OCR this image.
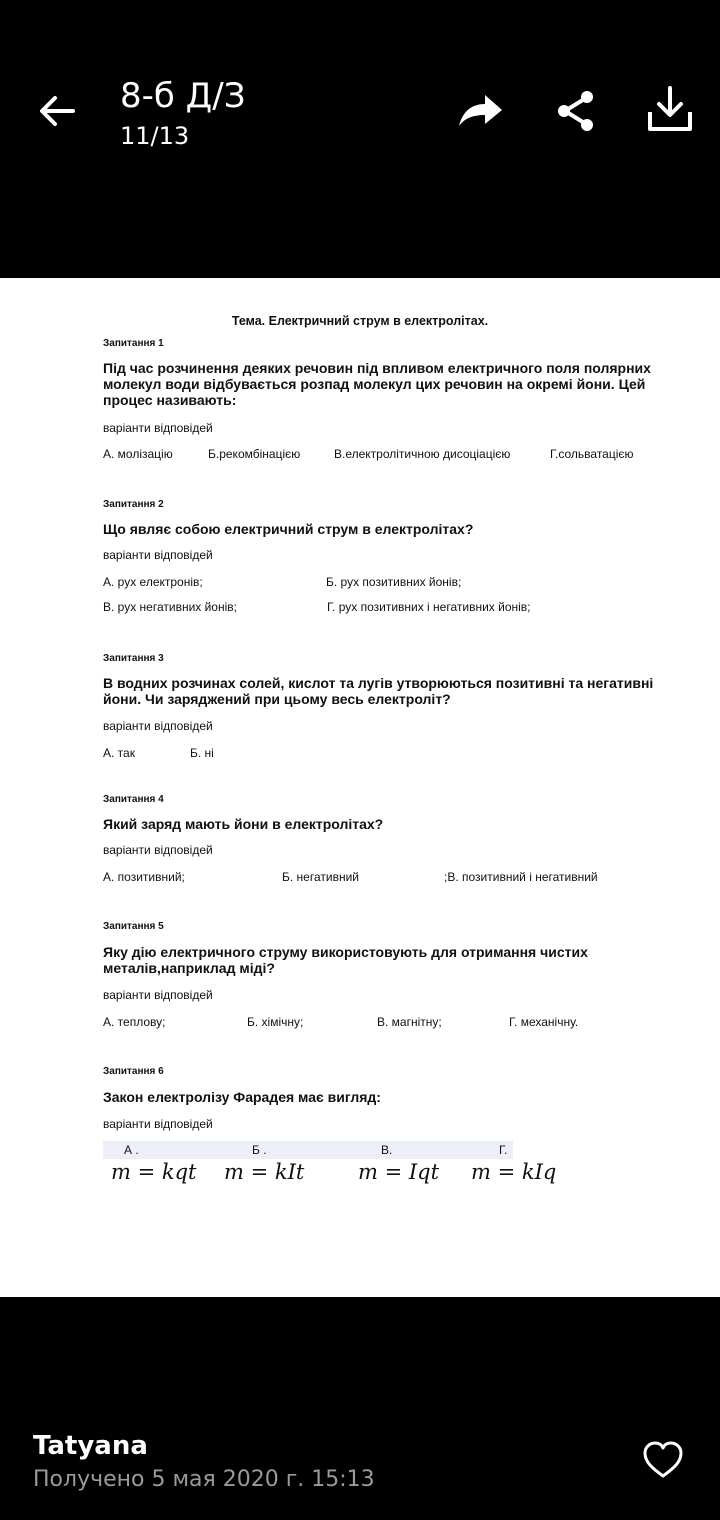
8-б Д/З
11/13
Тема. Електричний струм в електролітах.
Запитання 1
Під час розчинення деяких речовин під впливом електричного поля полярних молекул води відбувається розпад молекул цих речовин на окремі йони. Цей процес називають:
варіанти відповідей
А. молізацію	Б.рекомбінацією	В.електролітичною дисоціацією	Г.сольватацією
Запитання 2
Що являє собою електричний струм в електролітах?
варіанти відповідей
А. рух електронів;	Б. рух позитивних йонів;
В. рух негативних йонів;	Г. рух позитивних і негативних йонів;
Запитання 3
В водних розчинах солей, кислот та лугів утворюються позитивні та негативні йони. Чи заряджений при цьому весь електроліт?
варіанти відповідей
А. так	Б. ні
Запитання 4
Який заряд мають йони в електролітах?
варіанти відповідей
А. позитивний;	Б. негативний	;В. позитивний і негативний
Запитання 5
Яку дію електричного струму використовують для отримання чистих металів,наприклад міді?
варіанти відповідей
А. теплову;	Б. хімічну;	В. магнітну;	Г. механічну.
Запитання 6
Закон електролізу Фарадея має вигляд:
варіанти відповідей
А .	Б .	В.	Г.
m = kqt m = kIt	m = Iqt m = kIq
Tatyana
Получено 5 мая 2020 г. 15:13
